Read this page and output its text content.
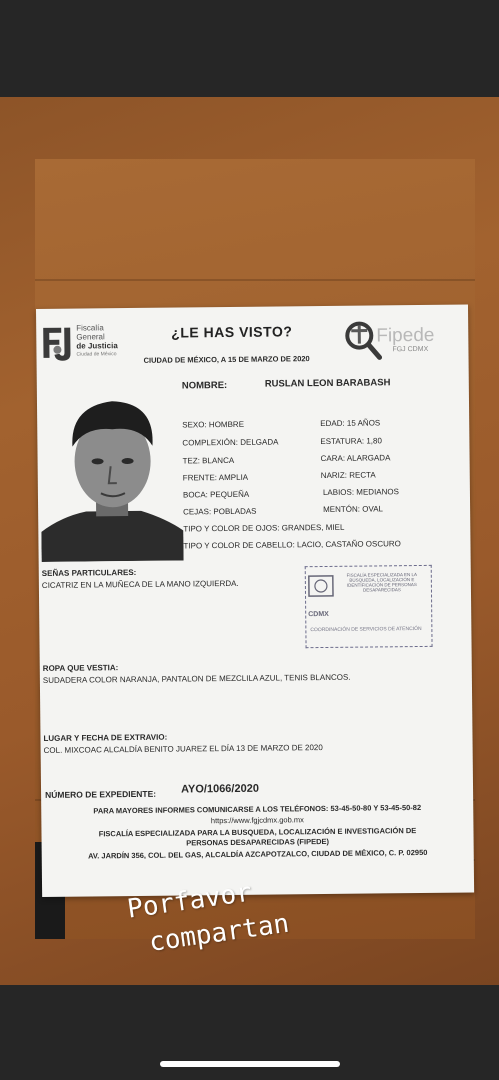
Fiscalía
General
de Justicia
Ciudad de México
¿LE HAS VISTO?	Fipede
FGJ CDMX
CIUDAD DE MÉXICO, A 15 DE MARZO DE 2020
NOMBRE:	RUSLAN LEON BARABASH
SEXO: HOMBRE	EDAD: 15 AÑOS
COMPLEXIÓN: DELGADA	ESTATURA: 1,80
TEZ: BLANCA	CARA: ALARGADA
FRENTE: AMPLIA	NARIZ: RECTA
BOCA: PEQUEÑA	LABIOS: MEDIANOS
CEJAS: POBLADAS	MENTÓN: OVAL
TIPO Y COLOR DE OJOS: GRANDES, MIEL
TIPO Y COLOR DE CABELLO: LACIO, CASTAÑO OSCURO
SEÑAS PARTICULARES:
CICATRIZ EN LA MUÑECA DE LA MANO IZQUIERDA.
FISCALÍA ESPECIALIZADA EN LA BÚSQUEDA, LOCALIZACIÓN E IDENTIFICACIÓN DE PERSONAS DESAPARECIDAS
CDMX
COORDINACIÓN DE SERVICIOS DE ATENCIÓN
ROPA QUE VESTIA:
SUDADERA COLOR NARANJA, PANTALON DE MEZCLILA AZUL, TENIS BLANCOS.
LUGAR Y FECHA DE EXTRAVIO:
COL. MIXCOAC ALCALDÍA BENITO JUAREZ EL DÍA 13 DE MARZO DE 2020
NÚMERO DE EXPEDIENTE: AYO/1066/2020
PARA MAYORES INFORMES COMUNICARSE A LOS TELÉFONOS: 53-45-50-80 Y 53-45-50-82
https://www.fgjcdmx.gob.mx
FISCALÍA ESPECIALIZADA PARA LA BUSQUEDA, LOCALIZACIÓN E INVESTIGACIÓN DE
PERSONAS DESAPARECIDAS (FIPEDE)
AV. JARDÍN 356, COL. DEL GAS, ALCALDÍA AZCAPOTZALCO, CIUDAD DE MÉXICO, C. P. 02950
Porfavor
compartan
